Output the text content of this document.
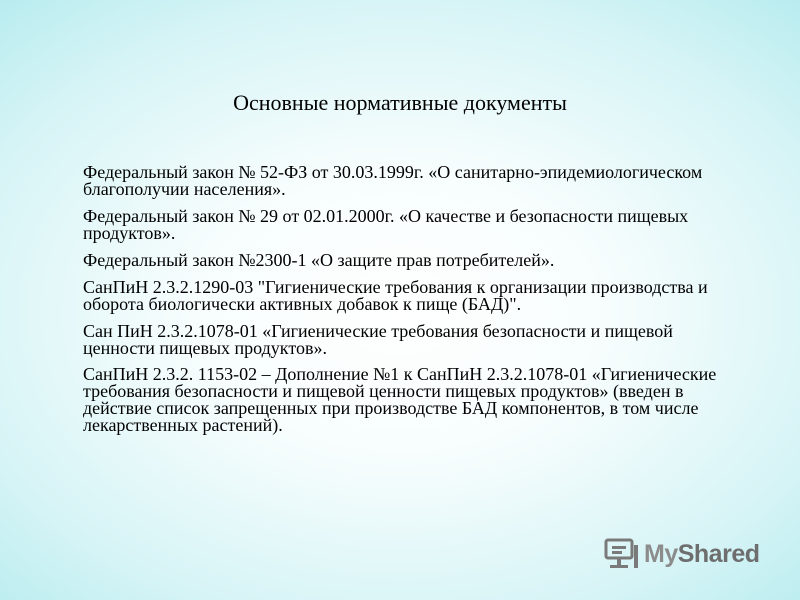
Основные нормативные документы
Федеральный закон № 52-ФЗ от 30.03.1999г. «О санитарно-эпидемиологическом благополучии населения».
Федеральный закон № 29 от 02.01.2000г. «О качестве и безопасности пищевых продуктов».
Федеральный закон №2300-1 «О защите прав потребителей».
СанПиН 2.3.2.1290-03 "Гигиенические требования к организации производства и оборота биологически активных добавок к пище (БАД)".
Сан ПиН 2.3.2.1078-01 «Гигиенические требования безопасности и пищевой ценности пищевых продуктов».
СанПиН 2.3.2. 1153-02 – Дополнение №1 к СанПиН 2.3.2.1078-01 «Гигиенические требования безопасности и пищевой ценности пищевых продуктов» (введен в действие список запрещенных при производстве БАД компонентов, в том числе лекарственных растений).
MyShared
